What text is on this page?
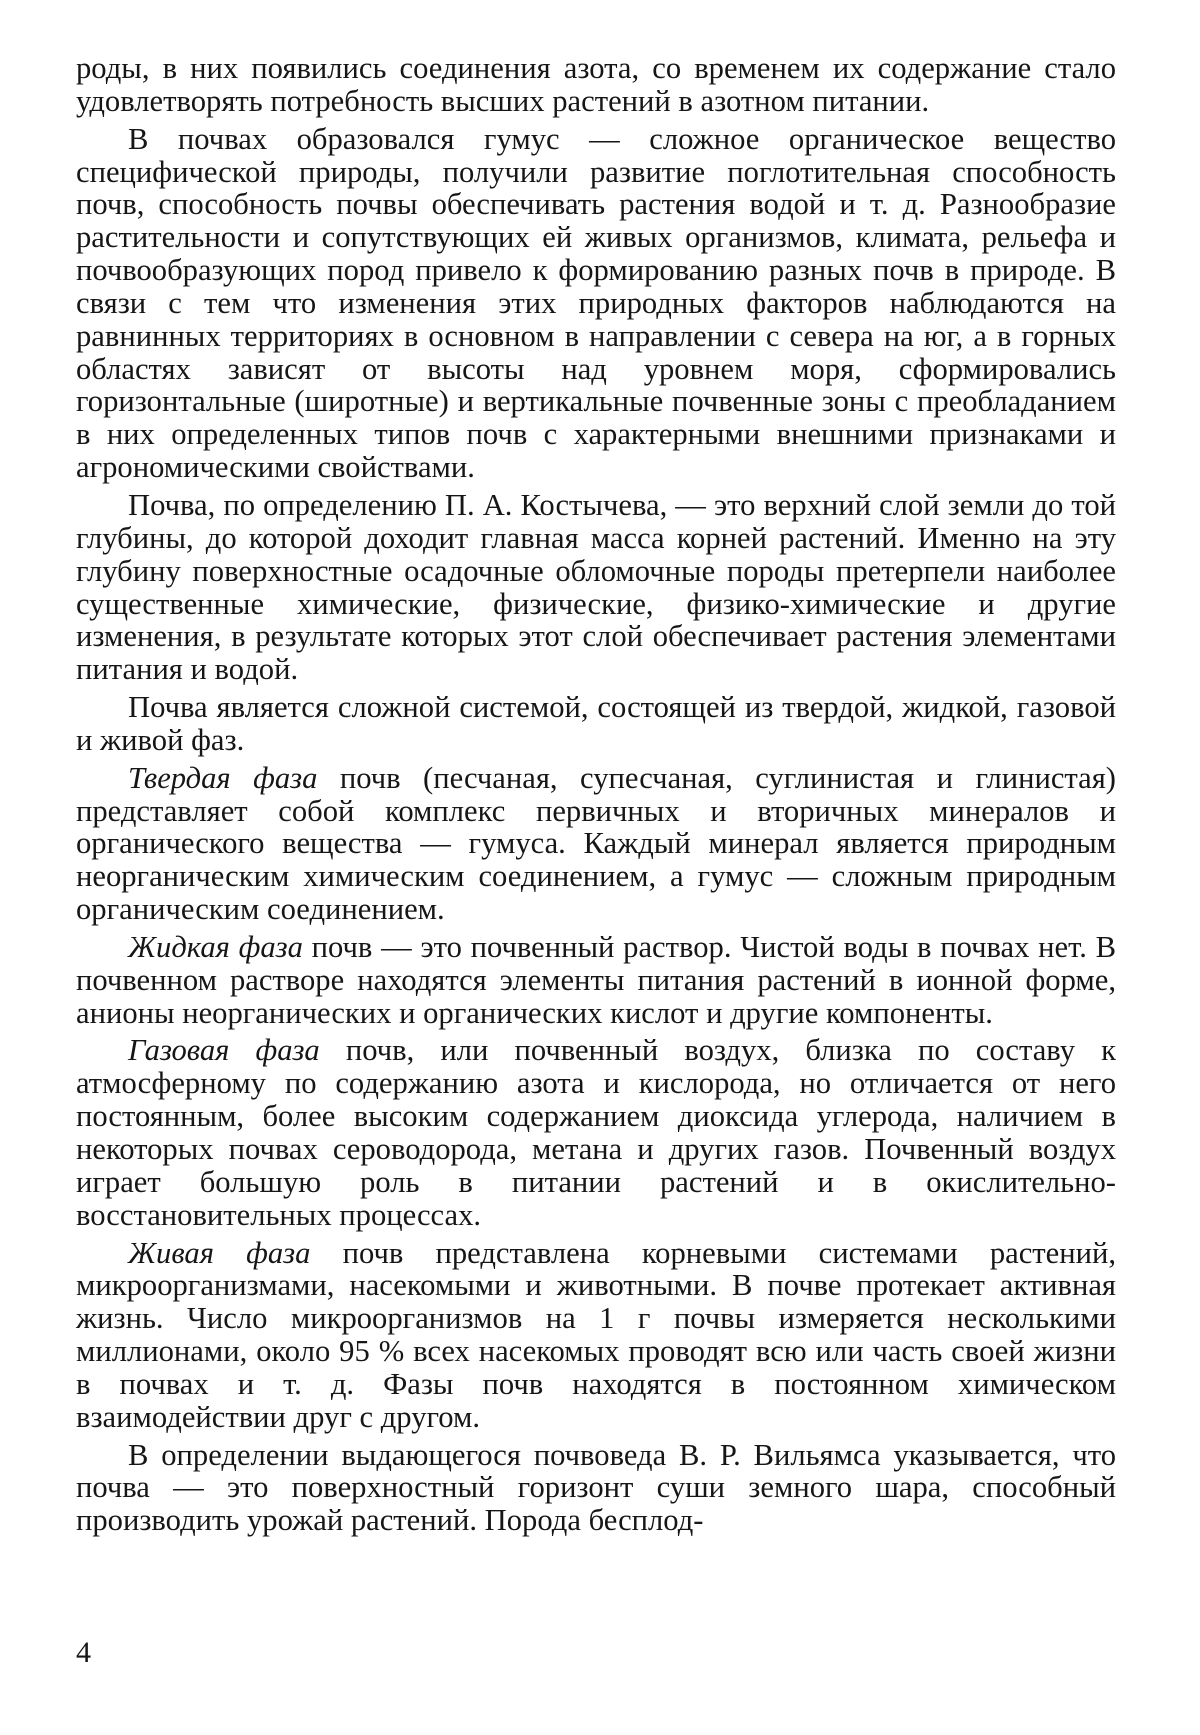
роды, в них появились соединения азота, со временем их содержание стало удовлетворять потребность высших растений в азотном питании.

В почвах образовался гумус — сложное органическое вещество специфической природы, получили развитие поглотительная способность почв, способность почвы обеспечивать растения водой и т. д. Разнообразие растительности и сопутствующих ей живых организмов, климата, рельефа и почвообразующих пород привело к формированию разных почв в природе. В связи с тем что изменения этих природных факторов наблюдаются на равнинных территориях в основном в направлении с севера на юг, а в горных областях зависят от высоты над уровнем моря, сформировались горизонтальные (широтные) и вертикальные почвенные зоны с преобладанием в них определенных типов почв с характерными внешними признаками и агрономическими свойствами.

Почва, по определению П. А. Костычева, — это верхний слой земли до той глубины, до которой доходит главная масса корней растений. Именно на эту глубину поверхностные осадочные обломочные породы претерпели наиболее существенные химические, физические, физико-химические и другие изменения, в результате которых этот слой обеспечивает растения элементами питания и водой.

Почва является сложной системой, состоящей из твердой, жидкой, газовой и живой фаз.

Твердая фаза почв (песчаная, супесчаная, суглинистая и глинистая) представляет собой комплекс первичных и вторичных минералов и органического вещества — гумуса. Каждый минерал является природным неорганическим химическим соединением, а гумус — сложным природным органическим соединением.

Жидкая фаза почв — это почвенный раствор. Чистой воды в почвах нет. В почвенном растворе находятся элементы питания растений в ионной форме, анионы неорганических и органических кислот и другие компоненты.

Газовая фаза почв, или почвенный воздух, близка по составу к атмосферному по содержанию азота и кислорода, но отличается от него постоянным, более высоким содержанием диоксида углерода, наличием в некоторых почвах сероводорода, метана и других газов. Почвенный воздух играет большую роль в питании растений и в окислительно-восстановительных процессах.

Живая фаза почв представлена корневыми системами растений, микроорганизмами, насекомыми и животными. В почве протекает активная жизнь. Число микроорганизмов на 1 г почвы измеряется несколькими миллионами, около 95 % всех насекомых проводят всю или часть своей жизни в почвах и т. д. Фазы почв находятся в постоянном химическом взаимодействии друг с другом.

В определении выдающегося почвоведа В. Р. Вильямса указывается, что почва — это поверхностный горизонт суши земного шара, способный производить урожай растений. Порода бесплод-

4
